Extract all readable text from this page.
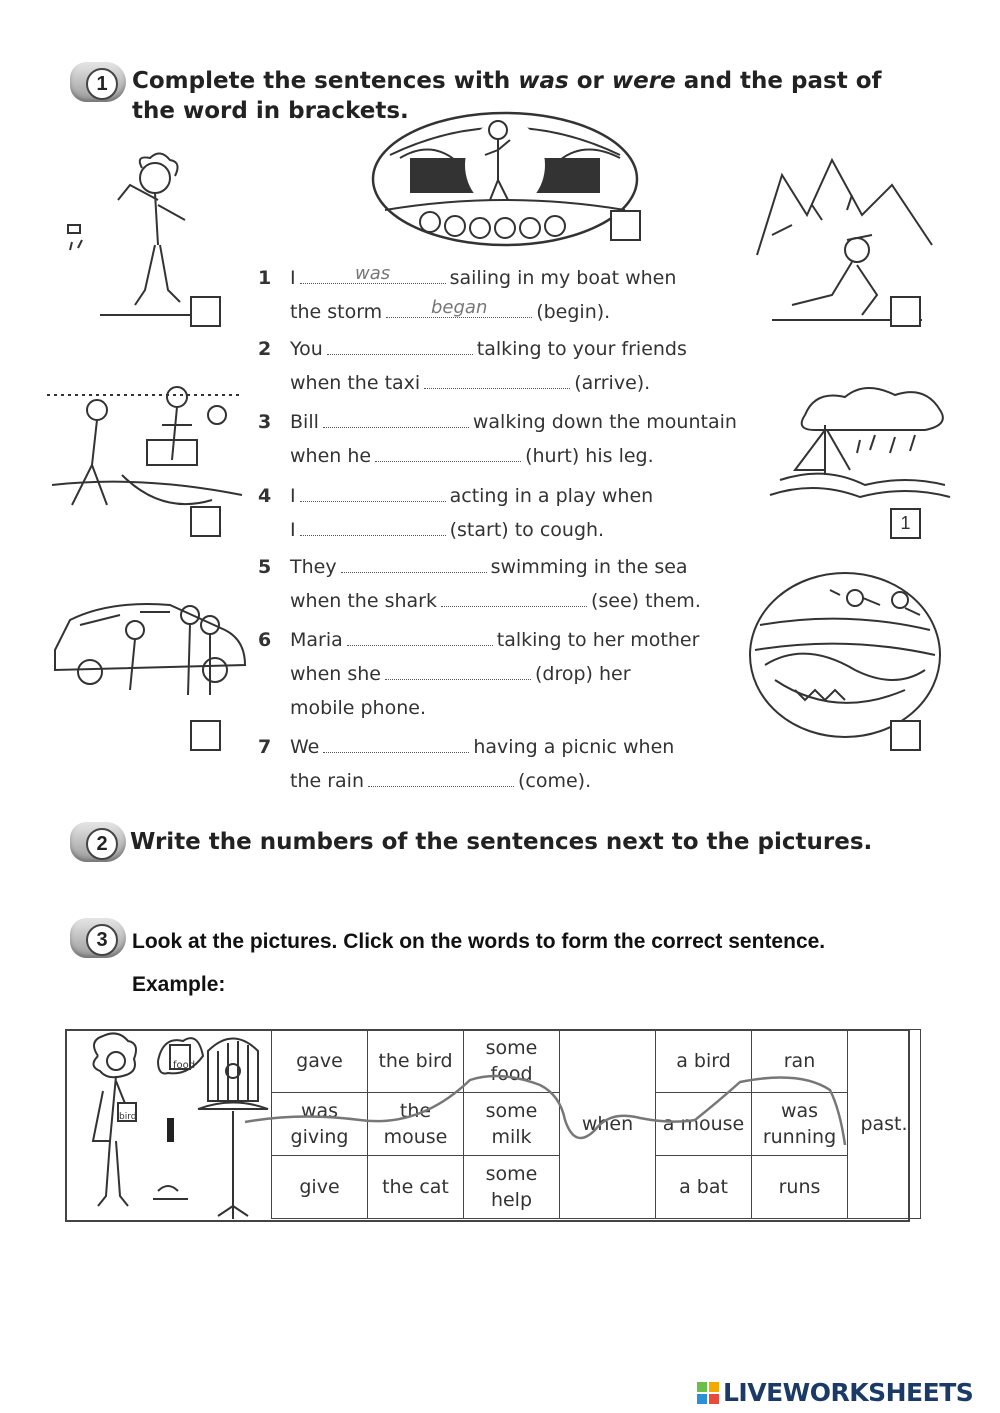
1	Complete the sentences with was or were and the past of
the word in brackets.
1
1 I	was	sailing in my boat when
the storm	began	(begin).
2 You	talking to your friends
when the taxi	(arrive).
3 Bill	walking down the mountain
when he	(hurt) his leg.
4 I	acting in a play when
I	(start) to cough.
5 They	swimming in the sea
when the shark	(see) them.
6 Maria	talking to her mother
when she	(drop) her
mobile phone.
7 We	having a picnic when
the rain	(come).
2 Write the numbers of the sentences next to the pictures.
3	Look at the pictures. Click on the words to form the correct sentence.
Example:
food
bird
gave	the bird	some food	when	a bird	ran	past.
was giving	the mouse	some milk		a mouse	was running	
give	the cat	some help		a bat	runs	
LIVEWORKSHEETS
